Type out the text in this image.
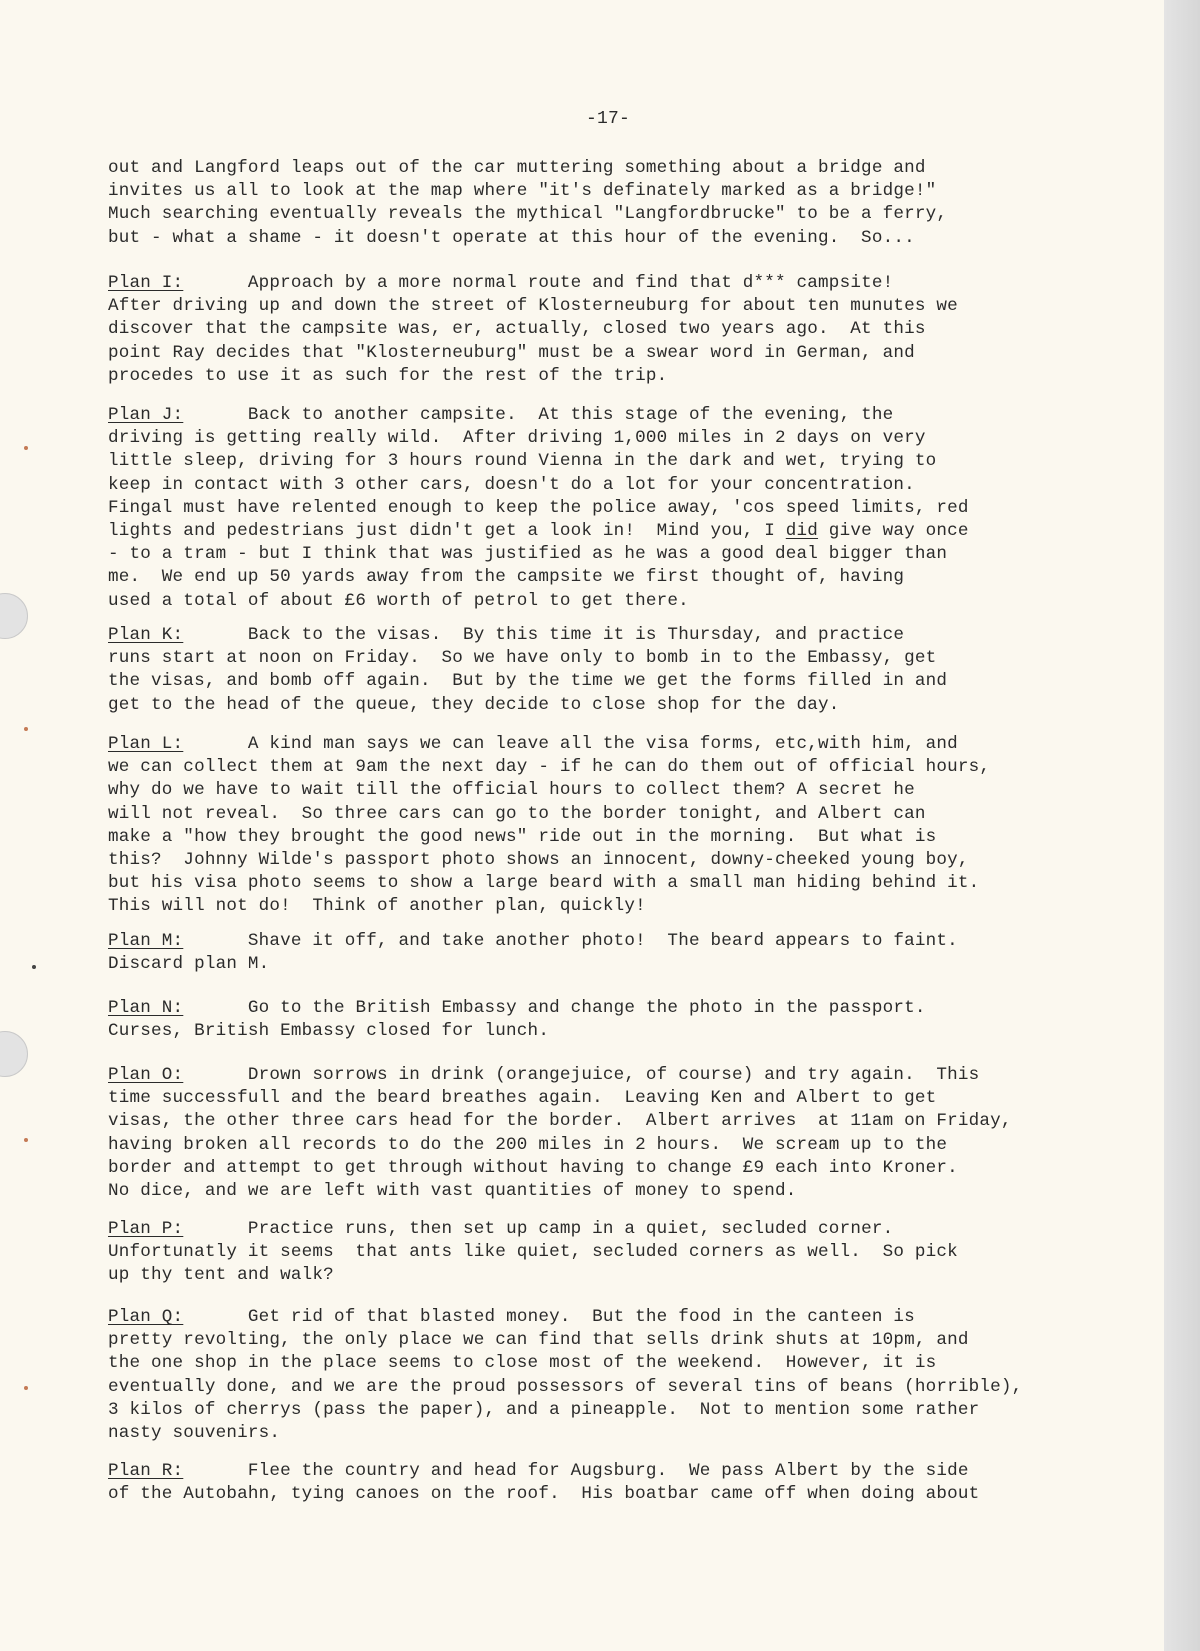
-17-
out and Langford leaps out of the car muttering something about a bridge and
invites us all to look at the map where "it's definately marked as a bridge!"
Much searching eventually reveals the mythical "Langfordbrucke" to be a ferry,
but - what a shame - it doesn't operate at this hour of the evening.  So...
Plan I:	Approach by a more normal route and find that d*** campsite!
After driving up and down the street of Klosterneuburg for about ten munutes we
discover that the campsite was, er, actually, closed two years ago.  At this
point Ray decides that "Klosterneuburg" must be a swear word in German, and
procedes to use it as such for the rest of the trip.
Plan J:	Back to another campsite.  At this stage of the evening, the
driving is getting really wild.  After driving 1,000 miles in 2 days on very
little sleep, driving for 3 hours round Vienna in the dark and wet, trying to
keep in contact with 3 other cars, doesn't do a lot for your concentration.
Fingal must have relented enough to keep the police away, 'cos speed limits, red
lights and pedestrians just didn't get a look in!  Mind you, I did give way once
- to a tram - but I think that was justified as he was a good deal bigger than
me.  We end up 50 yards away from the campsite we first thought of, having
used a total of about £6 worth of petrol to get there.
Plan K:	Back to the visas.  By this time it is Thursday, and practice
runs start at noon on Friday.  So we have only to bomb in to the Embassy, get
the visas, and bomb off again.  But by the time we get the forms filled in and
get to the head of the queue, they decide to close shop for the day.
Plan L:	A kind man says we can leave all the visa forms, etc,with him, and
we can collect them at 9am the next day - if he can do them out of official hours,
why do we have to wait till the official hours to collect them? A secret he
will not reveal.  So three cars can go to the border tonight, and Albert can
make a "how they brought the good news" ride out in the morning.  But what is
this?  Johnny Wilde's passport photo shows an innocent, downy-cheeked young boy,
but his visa photo seems to show a large beard with a small man hiding behind it.
This will not do!  Think of another plan, quickly!
Plan M:	Shave it off, and take another photo!  The beard appears to faint.
Discard plan M.
Plan N:	Go to the British Embassy and change the photo in the passport.
Curses, British Embassy closed for lunch.
Plan O:	Drown sorrows in drink (orangejuice, of course) and try again.  This
time successfull and the beard breathes again.  Leaving Ken and Albert to get
visas, the other three cars head for the border.  Albert arrives  at 11am on Friday,
having broken all records to do the 200 miles in 2 hours.  We scream up to the
border and attempt to get through without having to change £9 each into Kroner.
No dice, and we are left with vast quantities of money to spend.
Plan P:	Practice runs, then set up camp in a quiet, secluded corner.
Unfortunatly it seems  that ants like quiet, secluded corners as well.  So pick
up thy tent and walk?
Plan Q:	Get rid of that blasted money.  But the food in the canteen is
pretty revolting, the only place we can find that sells drink shuts at 10pm, and
the one shop in the place seems to close most of the weekend.  However, it is
eventually done, and we are the proud possessors of several tins of beans (horrible),
3 kilos of cherrys (pass the paper), and a pineapple.  Not to mention some rather
nasty souvenirs.
Plan R:	Flee the country and head for Augsburg.  We pass Albert by the side
of the Autobahn, tying canoes on the roof.  His boatbar came off when doing about
